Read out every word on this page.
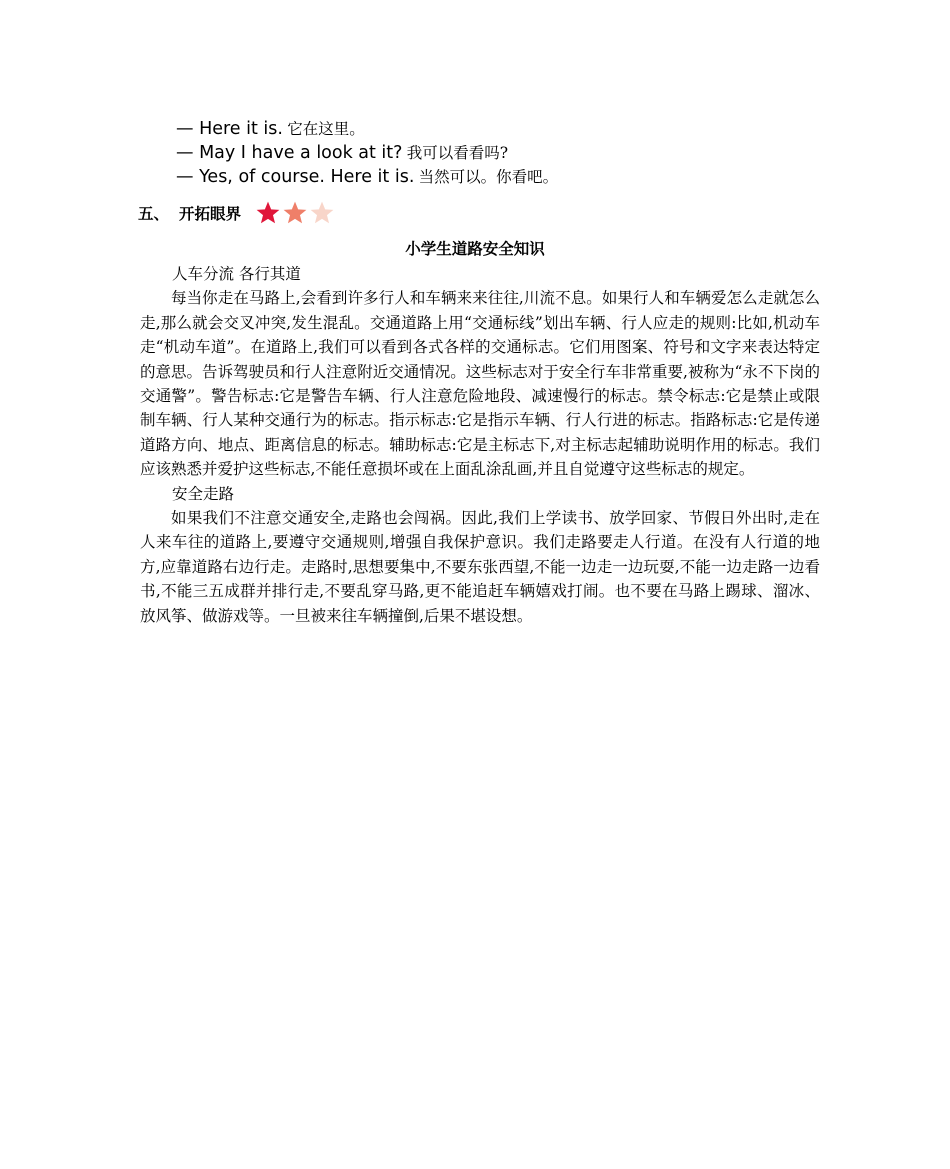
— Here it is. 它在这里。
— May I have a look at it? 我可以看看吗?
— Yes, of course. Here it is. 当然可以。你看吧。
五、 开拓眼界
小学生道路安全知识

人车分流 各行其道

每当你走在马路上,会看到许多行人和车辆来来往往,川流不息。如果行人和车辆爱怎么走就怎么走,那么就会交叉冲突,发生混乱。交通道路上用“交通标线”划出车辆、行人应走的规则:比如,机动车走“机动车道”。在道路上,我们可以看到各式各样的交通标志。它们用图案、符号和文字来表达特定的意思。告诉驾驶员和行人注意附近交通情况。这些标志对于安全行车非常重要,被称为“永不下岗的交通警”。警告标志:它是警告车辆、行人注意危险地段、减速慢行的标志。禁令标志:它是禁止或限制车辆、行人某种交通行为的标志。指示标志:它是指示车辆、行人行进的标志。指路标志:它是传递道路方向、地点、距离信息的标志。辅助标志:它是主标志下,对主标志起辅助说明作用的标志。我们应该熟悉并爱护这些标志,不能任意损坏或在上面乱涂乱画,并且自觉遵守这些标志的规定。

安全走路

如果我们不注意交通安全,走路也会闯祸。因此,我们上学读书、放学回家、节假日外出时,走在人来车往的道路上,要遵守交通规则,增强自我保护意识。我们走路要走人行道。在没有人行道的地方,应靠道路右边行走。走路时,思想要集中,不要东张西望,不能一边走一边玩耍,不能一边走路一边看书,不能三五成群并排行走,不要乱穿马路,更不能追赶车辆嬉戏打闹。也不要在马路上踢球、溜冰、放风筝、做游戏等。一旦被来往车辆撞倒,后果不堪设想。
